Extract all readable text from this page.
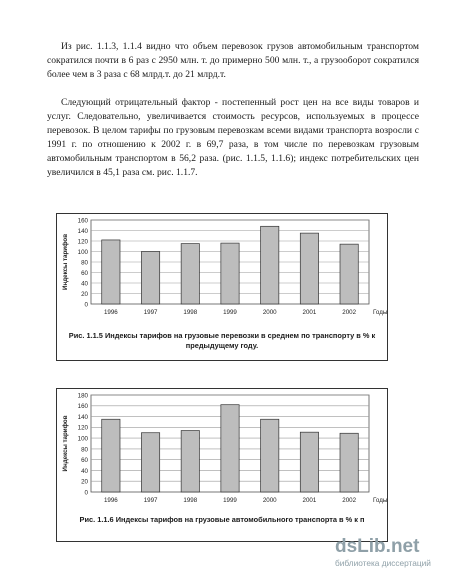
Из рис. 1.1.3, 1.1.4 видно что объем перевозок грузов автомобильным транспортом сократился почти в 6 раз с 2950 млн. т. до примерно 500 млн. т., а грузооборот сократился более чем в 3 раза с 68 млрд.т. до 21 млрд.т.

Следующий отрицательный фактор - постепенный рост цен на все виды товаров и услуг. Следовательно, увеличивается стоимость ресурсов, используемых в процессе перевозок. В целом тарифы по грузовым перевозкам всеми видами транспорта возросли с 1991 г. по отношению к 2002 г. в 69,7 раза, в том числе по перевозкам грузовым автомобильным транспортом в 56,2 раза. (рис. 1.1.5, 1.1.6); индекс потребительских цен увеличился в 45,1 раза см. рис. 1.1.7.

0
20
40
60
80
100
120
140
160
1996	1997	1998	1999	2000	2001	2002	Годы
Индексы тарифов

Рис. 1.1.5 Индексы тарифов на грузовые перевозки в среднем по транспорту в % к предыдущему году.

0
20
40
60
80
100
120
140
160
180
1996	1997	1998	1999	2000	2001	2002	Годы
Индексы тарифов

Рис. 1.1.6 Индексы тарифов на грузовые автомобильного транспорта в % к п

dsLib.net
библиотека диссертаций
